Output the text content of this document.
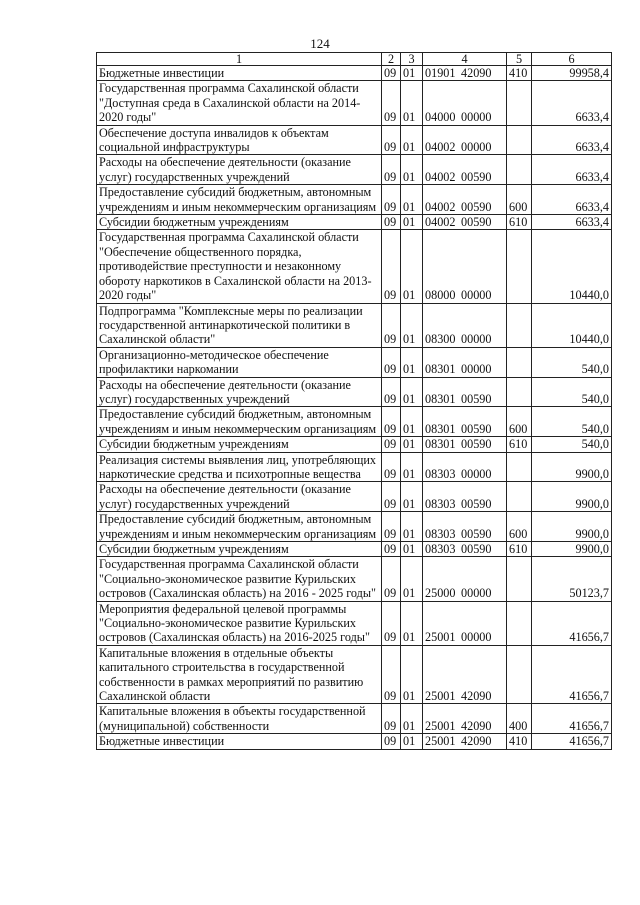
124
1	2	3	4	5	6
Бюджетные инвестиции	09	01	01901 42090	410	99958,4
Государственная программа Сахалинской области "Доступная среда в Сахалинской области на 2014-2020 годы"	09	01	04000 00000		6633,4
Обеспечение доступа инвалидов к объектам социальной инфраструктуры	09	01	04002 00000		6633,4
Расходы на обеспечение деятельности (оказание услуг) государственных учреждений	09	01	04002 00590		6633,4
Предоставление субсидий бюджетным, автономным учреждениям и иным некоммерческим организациям	09	01	04002 00590	600	6633,4
Субсидии бюджетным учреждениям	09	01	04002 00590	610	6633,4
Государственная программа Сахалинской области "Обеспечение общественного порядка, противодействие преступности и незаконному обороту наркотиков в Сахалинской области на 2013-2020 годы"	09	01	08000 00000		10440,0
Подпрограмма "Комплексные меры по реализации государственной антинаркотической политики в Сахалинской области"	09	01	08300 00000		10440,0
Организационно-методическое обеспечение профилактики наркомании	09	01	08301 00000		540,0
Расходы на обеспечение деятельности (оказание услуг) государственных учреждений	09	01	08301 00590		540,0
Предоставление субсидий бюджетным, автономным учреждениям и иным некоммерческим организациям	09	01	08301 00590	600	540,0
Субсидии бюджетным учреждениям	09	01	08301 00590	610	540,0
Реализация системы выявления лиц, употребляющих наркотические средства и психотропные вещества	09	01	08303 00000		9900,0
Расходы на обеспечение деятельности (оказание услуг) государственных учреждений	09	01	08303 00590		9900,0
Предоставление субсидий бюджетным, автономным учреждениям и иным некоммерческим организациям	09	01	08303 00590	600	9900,0
Субсидии бюджетным учреждениям	09	01	08303 00590	610	9900,0
Государственная программа Сахалинской области "Социально-экономическое развитие Курильских островов (Сахалинская область) на 2016 - 2025 годы"	09	01	25000 00000		50123,7
Мероприятия федеральной целевой программы "Социально-экономическое развитие Курильских островов (Сахалинская область) на 2016-2025 годы"	09	01	25001 00000		41656,7
Капитальные вложения в отдельные объекты капитального строительства в государственной собственности в рамках мероприятий по развитию Сахалинской области	09	01	25001 42090		41656,7
Капитальные вложения в объекты государственной (муниципальной) собственности	09	01	25001 42090	400	41656,7
Бюджетные инвестиции	09	01	25001 42090	410	41656,7
